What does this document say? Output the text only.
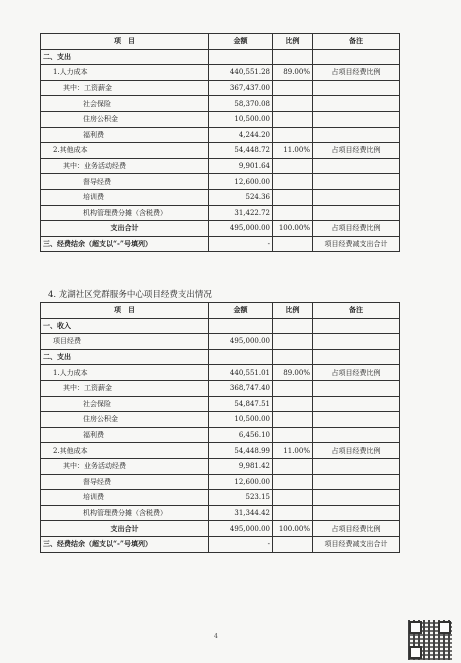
项　目	金额	比例	备注
二、支出			
1.人力成本	440,551.28	89.00%	占项目经费比例
其中：工资薪金	367,437.00		
社会保险	58,370.08		
住房公积金	10,500.00		
福利费	4,244.20		
2.其他成本	54,448.72	11.00%	占项目经费比例
其中：业务活动经费	9,901.64		
督导经费	12,600.00		
培训费	524.36		
机构管理费分摊（含税费）	31,422.72		
支出合计	495,000.00	100.00%	占项目经费比例
三、经费结余（超支以“-”号填列）	-		项目经费减支出合计
4. 龙湖社区党群服务中心项目经费支出情况
项　目	金额	比例	备注
一、收入			
项目经费	495,000.00		
二、支出			
1.人力成本	440,551.01	89.00%	占项目经费比例
其中：工资薪金	368,747.40		
社会保险	54,847.51		
住房公积金	10,500.00		
福利费	6,456.10		
2.其他成本	54,448.99	11.00%	占项目经费比例
其中：业务活动经费	9,981.42		
督导经费	12,600.00		
培训费	523.15		
机构管理费分摊（含税费）	31,344.42		
支出合计	495,000.00	100.00%	占项目经费比例
三、经费结余（超支以“-”号填列）	-		项目经费减支出合计
4
